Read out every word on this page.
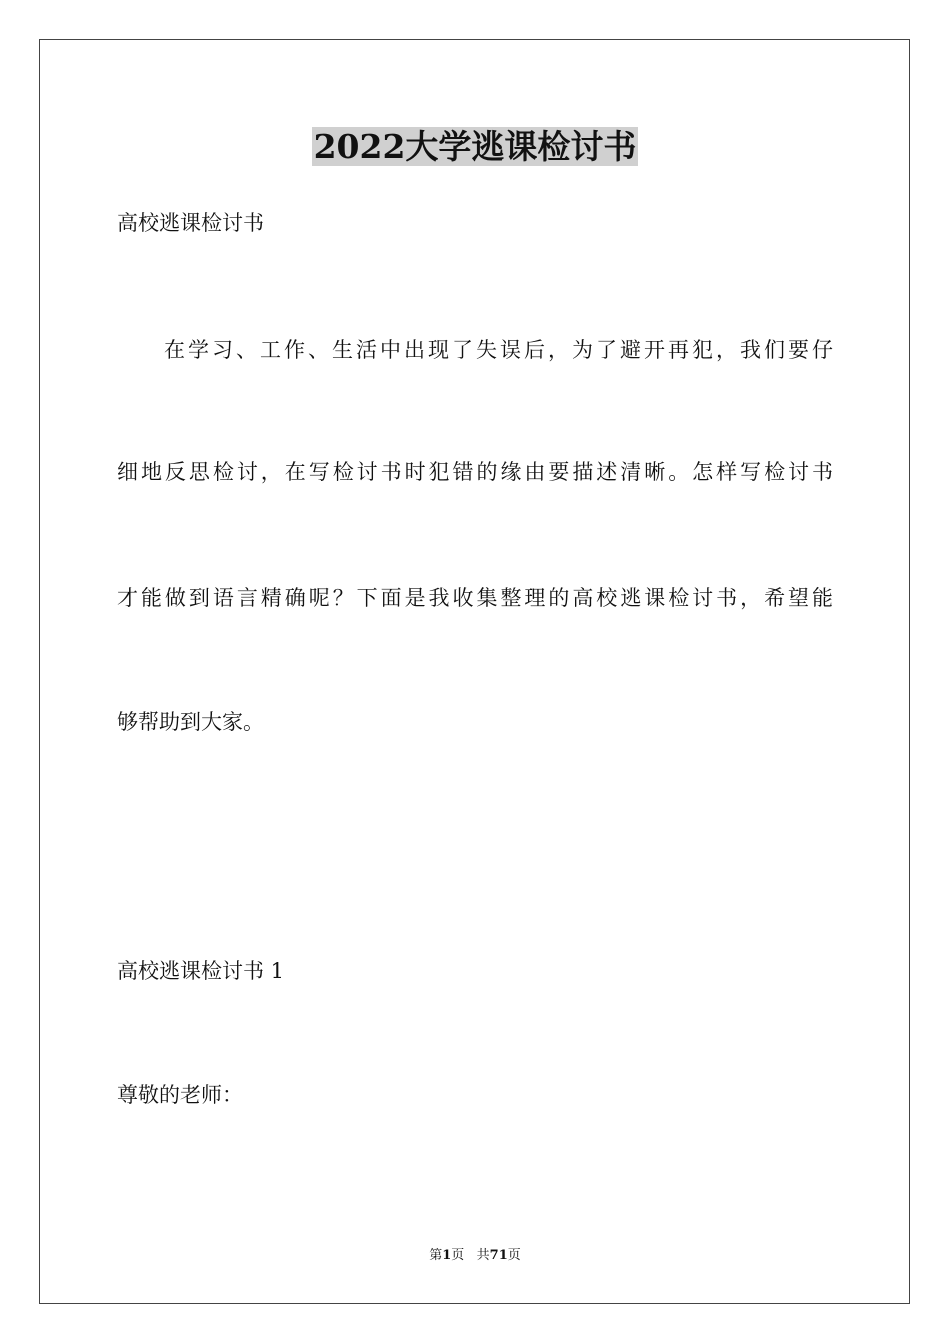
2022大学逃课检讨书

高校逃课检讨书

在学习、工作、生活中出现了失误后，为了避开再犯，我们要仔

细地反思检讨，在写检讨书时犯错的缘由要描述清晰。怎样写检讨书

才能做到语言精确呢？下面是我收集整理的高校逃课检讨书，希望能

够帮助到大家。

高校逃课检讨书 1

尊敬的老师：

第1页   共71页
